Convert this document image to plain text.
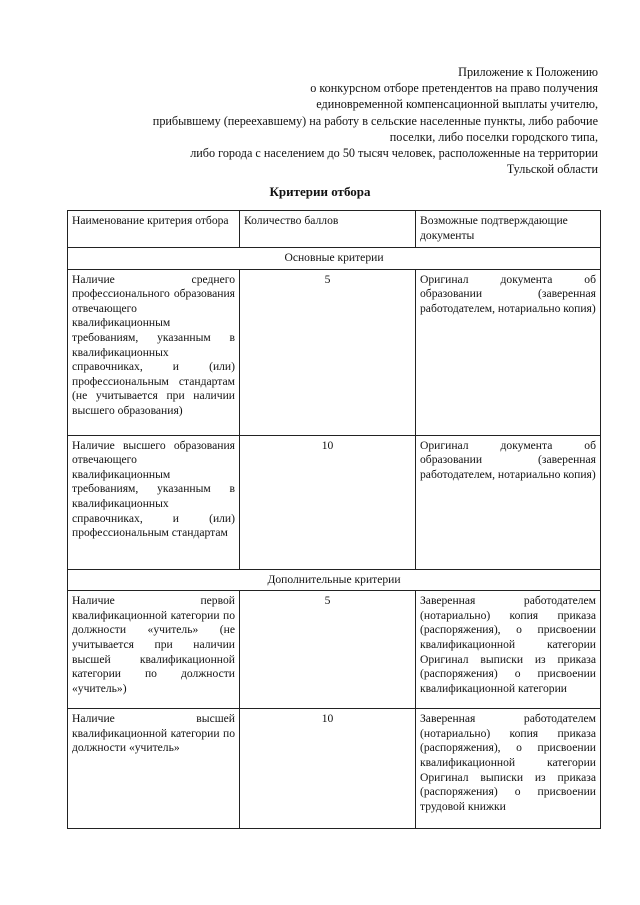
Приложение к Положению
о конкурсном отборе претендентов на право получения
единовременной компенсационной выплаты учителю,
прибывшему (переехавшему) на работу в сельские населенные пункты, либо рабочие
поселки, либо поселки городского типа,
либо города с населением до 50 тысяч человек, расположенные на территории
Тульской области
Критерии отбора
Наименование критерия отбора	Количество баллов	Возможные подтверждающие документы
Основные критерии		
Наличие среднего профессионального образования отвечающего квалификационным требованиям, указанным в квалификационных справочниках, и (или) профессиональным стандартам (не учитывается при наличии высшего образования)	5	Оригинал документа об образовании (заверенная работодателем, нотариально копия)
Наличие высшего образования отвечающего квалификационным требованиям, указанным в квалификационных справочниках, и (или) профессиональным стандартам	10	Оригинал документа об образовании (заверенная работодателем, нотариально копия)
Дополнительные критерии		
Наличие первой квалификационной категории по должности «учитель» (не учитывается при наличии высшей квалификационной категории по должности «учитель»)	5	Заверенная работодателем (нотариально) копия приказа (распоряжения), о присвоении квалификационной категории Оригинал выписки из приказа (распоряжения) о присвоении квалификационной категории
Наличие высшей квалификационной категории по должности «учитель»	10	Заверенная работодателем (нотариально) копия приказа (распоряжения), о присвоении квалификационной категории Оригинал выписки из приказа (распоряжения) о присвоении трудовой книжки
